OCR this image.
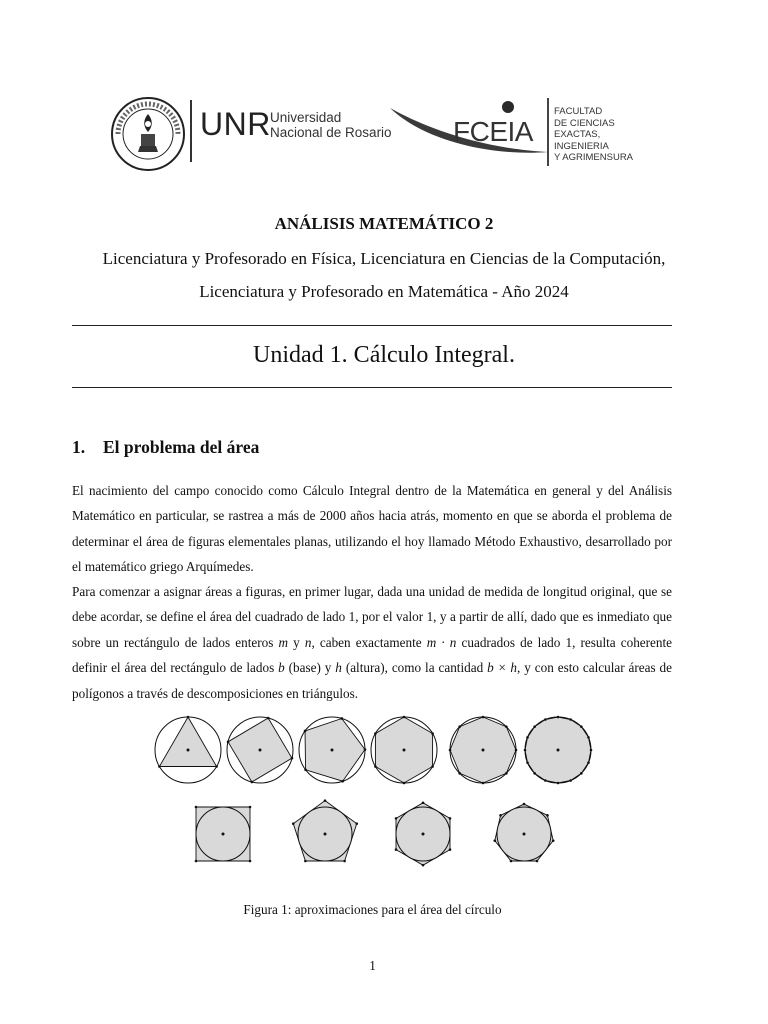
UNR Universidad
Nacional de Rosario FCEIA
FACULTAD
DE CIENCIAS
EXACTAS,
INGENIERIA
Y AGRIMENSURA
ANÁLISIS MATEMÁTICO 2
Licenciatura y Profesorado en Física, Licenciatura en Ciencias de la Computación,
Licenciatura y Profesorado en Matemática - Año 2024
Unidad 1. Cálculo Integral.
1. El problema del área
El nacimiento del campo conocido como Cálculo Integral dentro de la Matemática en general y del Análisis Matemático en particular, se rastrea a más de 2000 años hacia atrás, momento en que se aborda el problema de determinar el área de figuras elementales planas, utilizando el hoy llamado Método Exhaustivo, desarrollado por el matemático griego Arquímedes.
Para comenzar a asignar áreas a figuras, en primer lugar, dada una unidad de medida de longitud original, que se debe acordar, se define el área del cuadrado de lado 1, por el valor 1, y a partir de allí, dado que es inmediato que sobre un rectángulo de lados enteros m y n, caben exactamente m · n cuadrados de lado 1, resulta coherente definir el área del rectángulo de lados b (base) y h (altura), como la cantidad b × h, y con esto calcular áreas de polígonos a través de descomposiciones en triángulos.
Figura 1: aproximaciones para el área del círculo
1
